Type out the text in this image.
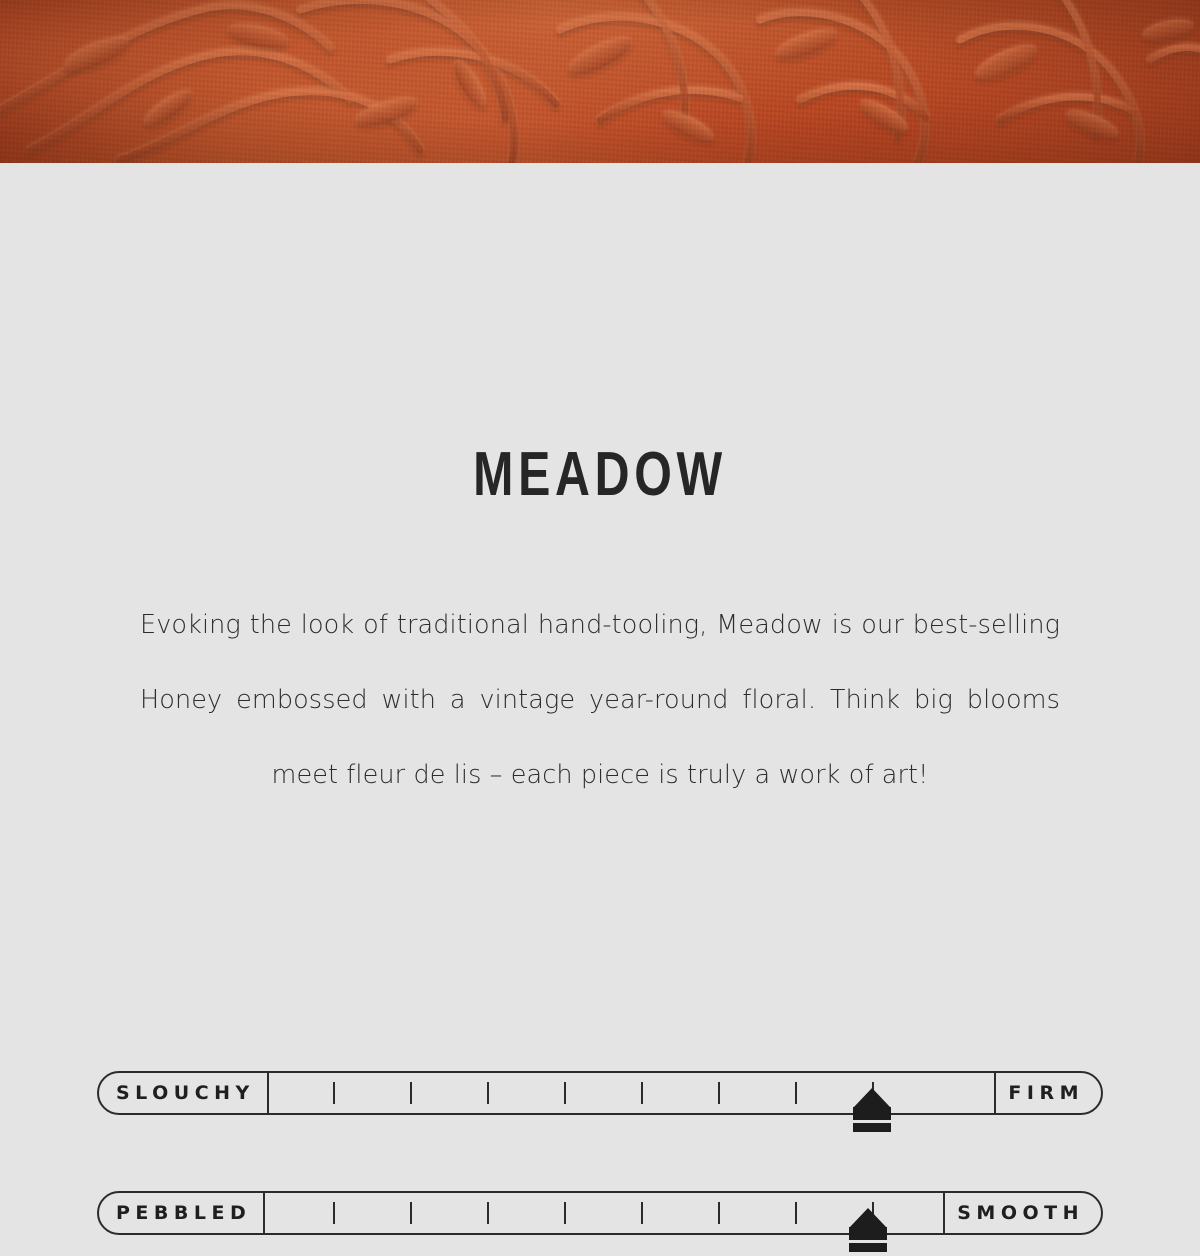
MEADOW
Evoking the look of traditional hand-tooling, Meadow is our best-selling Honey embossed with a vintage year-round floral. Think big blooms meet fleur de lis – each piece is truly a work of art!
SLOUCHY	FIRM
PEBBLED	SMOOTH
